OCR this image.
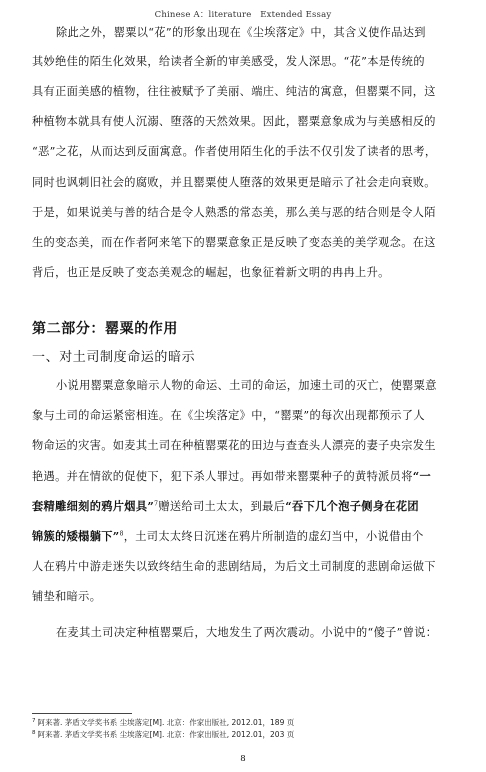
Chinese A：literature　Extended Essay
除此之外，罂粟以“花”的形象出现在《尘埃落定》中，其含义使作品达到
其妙绝佳的陌生化效果，给读者全新的审美感受，发人深思。“花”本是传统的
具有正面美感的植物，往往被赋予了美丽、端庄、纯洁的寓意，但罂粟不同，这
种植物本就具有使人沉溺、堕落的天然效果。因此，罂粟意象成为与美感相反的
“恶”之花，从而达到反面寓意。作者使用陌生化的手法不仅引发了读者的思考，
同时也讽刺旧社会的腐败，并且罂粟使人堕落的效果更是暗示了社会走向衰败。
于是，如果说美与善的结合是令人熟悉的常态美，那么美与恶的结合则是令人陌
生的变态美，而在作者阿来笔下的罂粟意象正是反映了变态美的美学观念。在这
背后，也正是反映了变态美观念的崛起，也象征着新文明的冉冉上升。
第二部分：罂粟的作用
一、对土司制度命运的暗示
小说用罂粟意象暗示人物的命运、土司的命运，加速土司的灭亡，使罂粟意
象与土司的命运紧密相连。在《尘埃落定》中，“罂粟”的每次出现都预示了人
物命运的灾害。如麦其土司在种植罂粟花的田边与查查头人漂亮的妻子央宗发生
艳遇。并在情欲的促使下，犯下杀人罪过。再如带来罂粟种子的黄特派员将“一
套精雕细刻的鸦片烟具”$^7$赠送给司土太太，到最后“吞下几个泡子侧身在花团
锦簇的矮榻躺下”$^8$，土司太太终日沉迷在鸦片所制造的虚幻当中，小说借由个
人在鸦片中游走迷失以致终结生命的悲剧结局，为后文土司制度的悲剧命运做下
铺垫和暗示。
在麦其土司决定种植罂粟后，大地发生了两次震动。小说中的“傻子”曾说：
$^7$ 阿来著. 茅盾文学奖书系 尘埃落定[M]. 北京：作家出版社, 2012.01，189 页
$^8$ 阿来著. 茅盾文学奖书系 尘埃落定[M]. 北京：作家出版社, 2012.01，203 页
8
